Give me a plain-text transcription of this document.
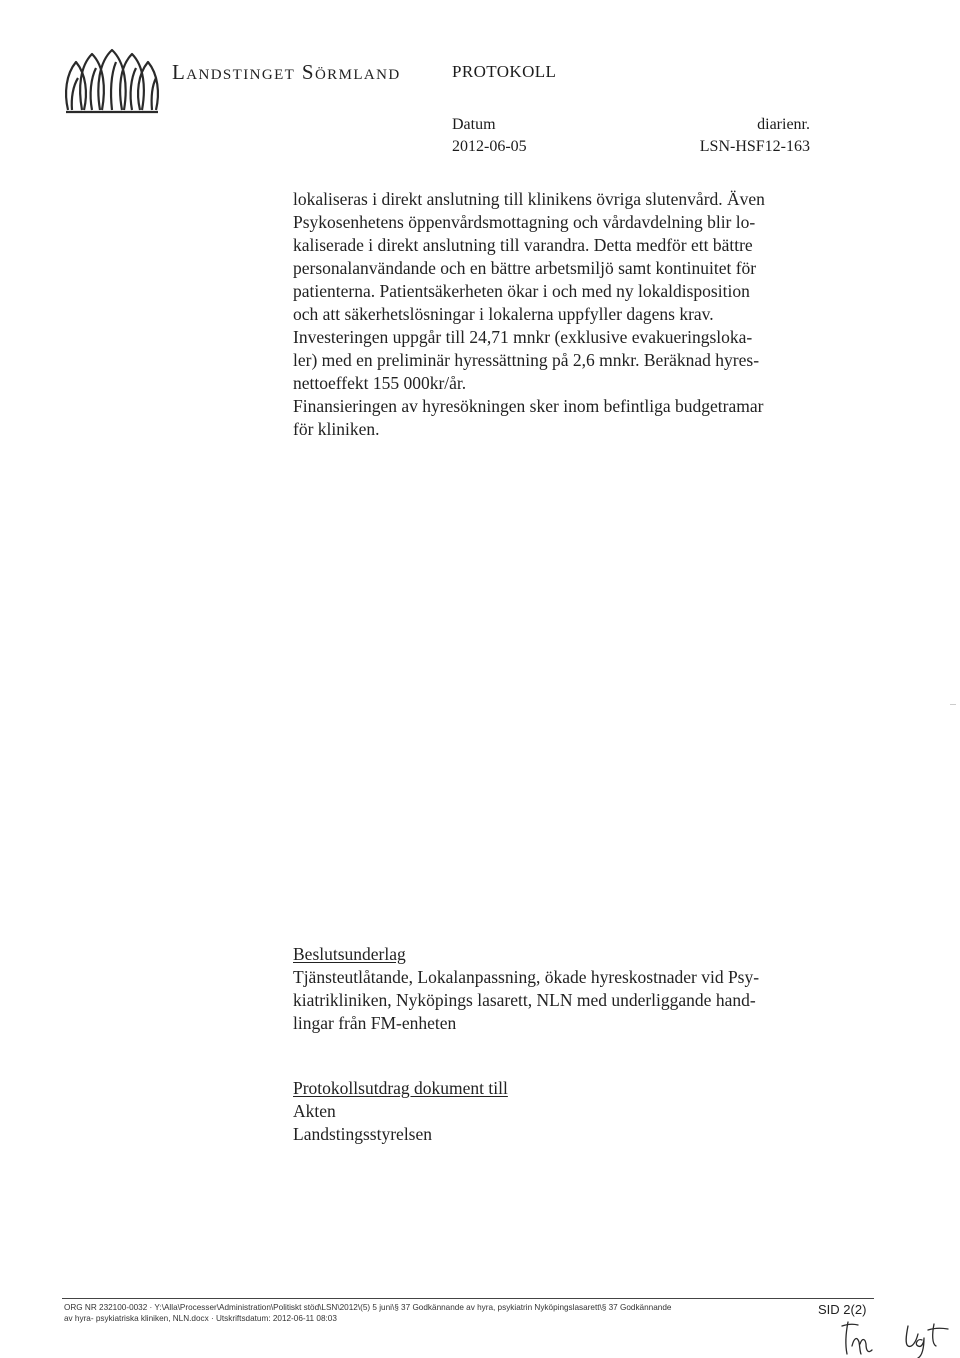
Landstinget Sörmland	PROTOKOLL
Datum
2012-06-05
diarienr.
LSN-HSF12-163

lokaliseras i direkt anslutning till klinikens övriga slutenvård. Även

Psykosenhetens öppenvårdsmottagning och vårdavdelning blir lo-

kaliserade i direkt anslutning till varandra. Detta medför ett bättre

personalanvändande och en bättre arbetsmiljö samt kontinuitet för

patienterna. Patientsäkerheten ökar i och med ny lokaldisposition

och att säkerhetslösningar i lokalerna uppfyller dagens krav.

Investeringen uppgår till 24,71 mnkr (exklusive evakueringsloka-

ler) med en preliminär hyressättning på 2,6 mnkr. Beräknad hyres-

nettoeffekt 155 000kr/år.

Finansieringen av hyresökningen sker inom befintliga budgetramar

för kliniken.

Beslutsunderlag

Tjänsteutlåtande, Lokalanpassning, ökade hyreskostnader vid Psy-

kiatrikliniken, Nyköpings lasarett, NLN med underliggande hand-

lingar från FM-enheten

Protokollsutdrag dokument till

Akten

Landstingsstyrelsen

ORG NR 232100-0032 · Y:\Alla\Processer\Administration\Politiskt stöd\LSN\2012\(5) 5 juni\§ 37 Godkännande av hyra, psykiatrin Nyköpingslasarett\§ 37 Godkännande

av hyra- psykiatriska kliniken, NLN.docx · Utskriftsdatum: 2012-06-11 08:03

SID 2(2)
